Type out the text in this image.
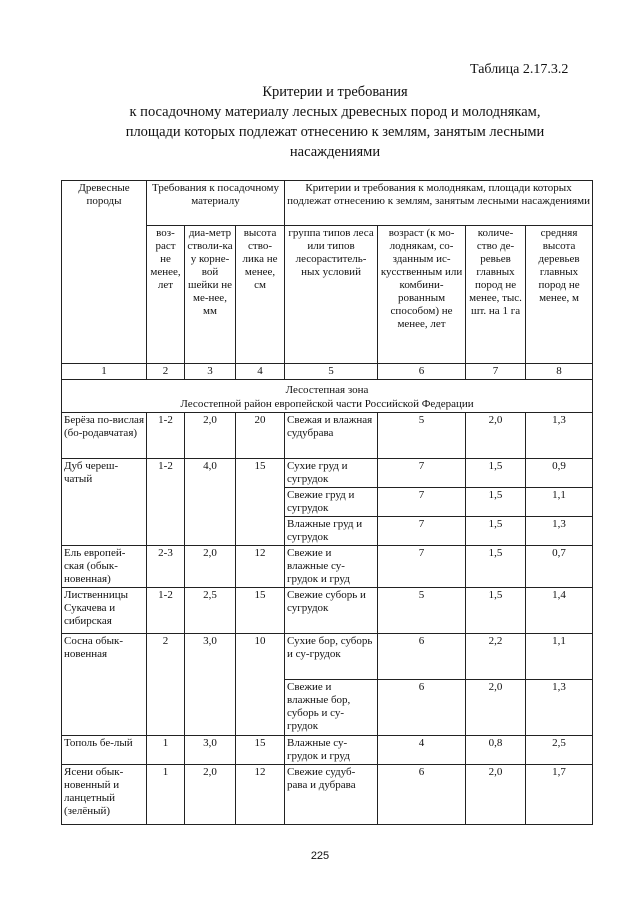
Таблица 2.17.3.2
Критерии и требования
к посадочному материалу лесных древесных пород и молоднякам,
площади которых подлежат отнесению к землям, занятым лесными
насаждениями
Древесные породы	Требования к посадочному материалу			Критерии и требования к молоднякам, площади которых подлежат отнесению к землям, занятым лесными насаждениями			
	воз-раст не менее, лет	диа-метр стволи-ка у корне-вой шейки не ме-нее, мм	высота ство-лика не менее, см	группа типов леса или типов лесораститель-ных условий	возраст (к мо-лоднякам, со-зданным ис-кусственным или комбини-рованным способом) не менее, лет	количе-ство де-ревьев главных пород не менее, тыс. шт. на 1 га	средняя высота деревьев главных пород не менее, м
1	2	3	4	5	6	7	8

Лесостепная зона
Лесостепной район европейской части Российской Федерации							

Берёза по-вислая (бо-родавчатая)	1-2	2,0	20	Свежая и влажная судубрава	5	2,0	1,3
Дуб череш-чатый	1-2	4,0	15	Сухие груд и сугрудок	7	1,5	0,9
				Свежие груд и сугрудок	7	1,5	1,1
				Влажные груд и сугрудок	7	1,5	1,3
Ель европей-ская (обык-новенная)	2-3	2,0	12	Свежие и влажные су-грудок и груд	7	1,5	0,7
Лиственницы Сукачева и сибирская	1-2	2,5	15	Свежие суборь и сугрудок	5	1,5	1,4
Сосна обык-новенная	2	3,0	10	Сухие бор, суборь и су-грудок	6	2,2	1,1
				Свежие и влажные бор, суборь и су-грудок	6	2,0	1,3
Тополь бе-лый	1	3,0	15	Влажные су-грудок и груд	4	0,8	2,5
Ясени обык-новенный и ланцетный (зелёный)	1	2,0	12	Свежие судуб-рава и дубрава	6	2,0	1,7
225
